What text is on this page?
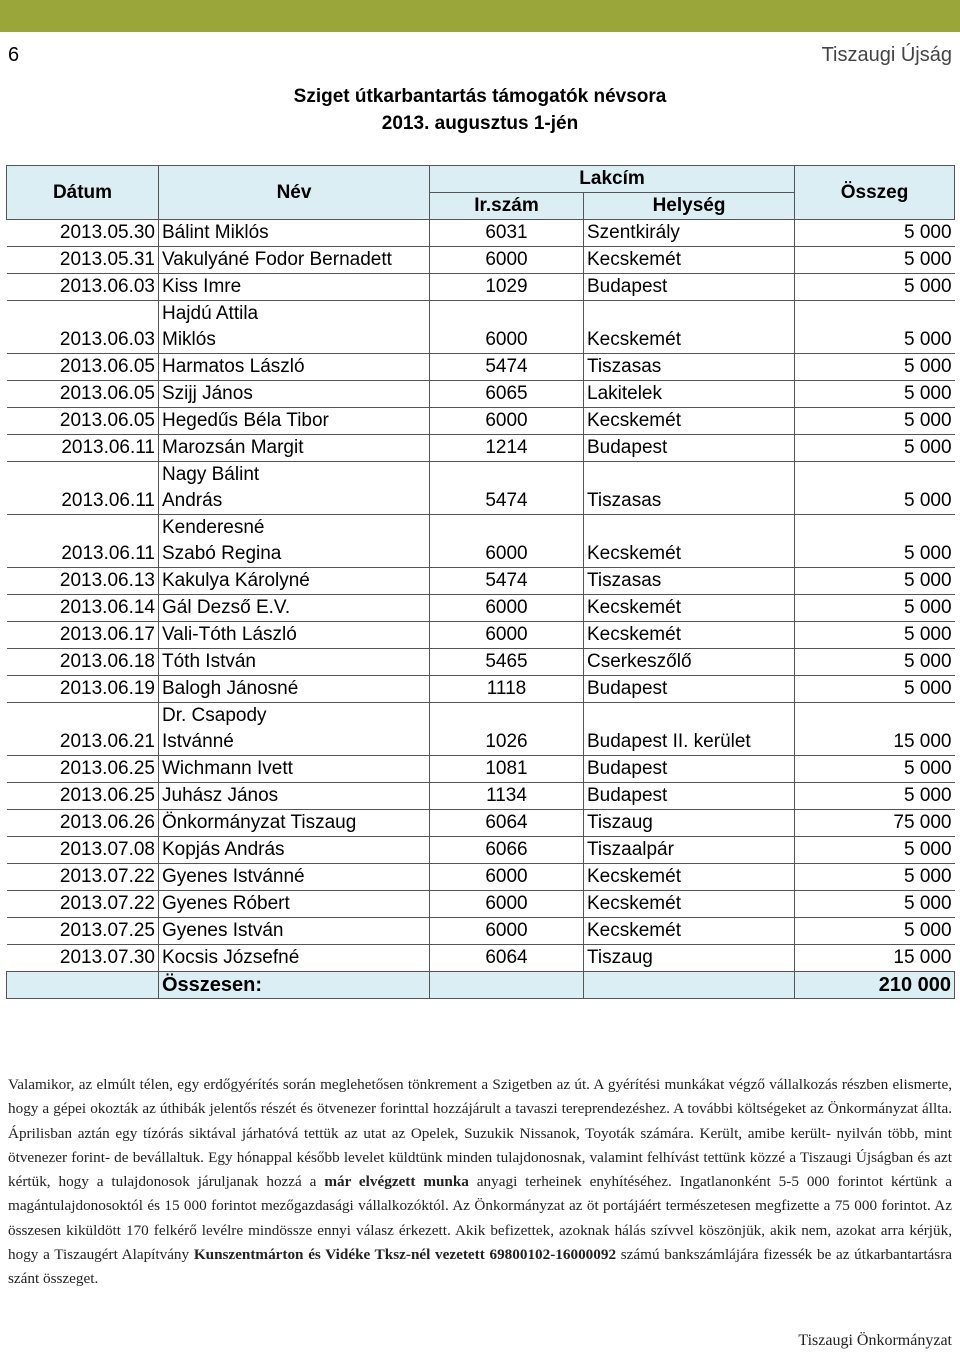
6	Tiszaugi Újság
Sziget útkarbantartás támogatók névsora
2013. augusztus 1-jén
Dátum	Név	Lakcím		Összeg
		Ir.szám	Helység	
2013.05.30	Bálint Miklós	6031	Szentkirály	5 000
2013.05.31	Vakulyáné Fodor Bernadett	6000	Kecskemét	5 000
2013.06.03	Kiss Imre	1029	Budapest	5 000
2013.06.03	Hajdú Attila
Miklós	6000	Kecskemét	5 000
2013.06.05	Harmatos László	5474	Tiszasas	5 000
2013.06.05	Szijj János	6065	Lakitelek	5 000
2013.06.05	Hegedűs Béla Tibor	6000	Kecskemét	5 000
2013.06.11	Marozsán Margit	1214	Budapest	5 000
2013.06.11	Nagy Bálint
András	5474	Tiszasas	5 000
2013.06.11	Kenderesné
Szabó Regina	6000	Kecskemét	5 000
2013.06.13	Kakulya Károlyné	5474	Tiszasas	5 000
2013.06.14	Gál Dezső E.V.	6000	Kecskemét	5 000
2013.06.17	Vali-Tóth László	6000	Kecskemét	5 000
2013.06.18	Tóth István	5465	Cserkeszőlő	5 000
2013.06.19	Balogh Jánosné	1118	Budapest	5 000
2013.06.21	Dr. Csapody
Istvánné	1026	Budapest II. kerület	15 000
2013.06.25	Wichmann Ivett	1081	Budapest	5 000
2013.06.25	Juhász János	1134	Budapest	5 000
2013.06.26	Önkormányzat Tiszaug	6064	Tiszaug	75 000
2013.07.08	Kopjás András	6066	Tiszaalpár	5 000
2013.07.22	Gyenes Istvánné	6000	Kecskemét	5 000
2013.07.22	Gyenes Róbert	6000	Kecskemét	5 000
2013.07.25	Gyenes István	6000	Kecskemét	5 000
2013.07.30	Kocsis Józsefné	6064	Tiszaug	15 000
	Összesen:			210 000
Valamikor, az elmúlt télen, egy erdőgyérítés során meglehetősen tönkrement a Szigetben az út. A gyérítési munkákat végző vállalkozás részben elismerte, hogy a gépei okozták az úthibák jelentős részét és ötvenezer forinttal hozzájárult a tavaszi tereprendezéshez. A további költségeket az Önkormányzat állta. Áprilisban aztán egy tízórás siktával járhatóvá tettük az utat az Opelek, Suzukik Nissanok, Toyoták számára. Került, amibe került- nyilván több, mint ötvenezer forint- de bevállaltuk. Egy hónappal később levelet küldtünk minden tulajdonosnak, valamint felhívást tettünk közzé a Tiszaugi Újságban és azt kértük, hogy a tulajdonosok járuljanak hozzá a már elvégzett munka anyagi terheinek enyhítéséhez. Ingatlanonként 5-5 000 forintot kértünk a magántulajdonosoktól és 15 000 forintot mezőgazdasági vállalkozóktól. Az Önkormányzat az öt portájáért természetesen megfizette a 75 000 forintot. Az összesen kiküldött 170 felkérő levélre mindössze ennyi válasz érkezett. Akik befizettek, azoknak hálás szívvel köszönjük, akik nem, azokat arra kérjük, hogy a Tiszaugért Alapítvány Kunszentmárton és Vidéke Tksz-nél vezetett 69800102-16000092 számú bankszámlájára fizessék be az útkarbantartásra szánt összeget.
Tiszaugi Önkormányzat
